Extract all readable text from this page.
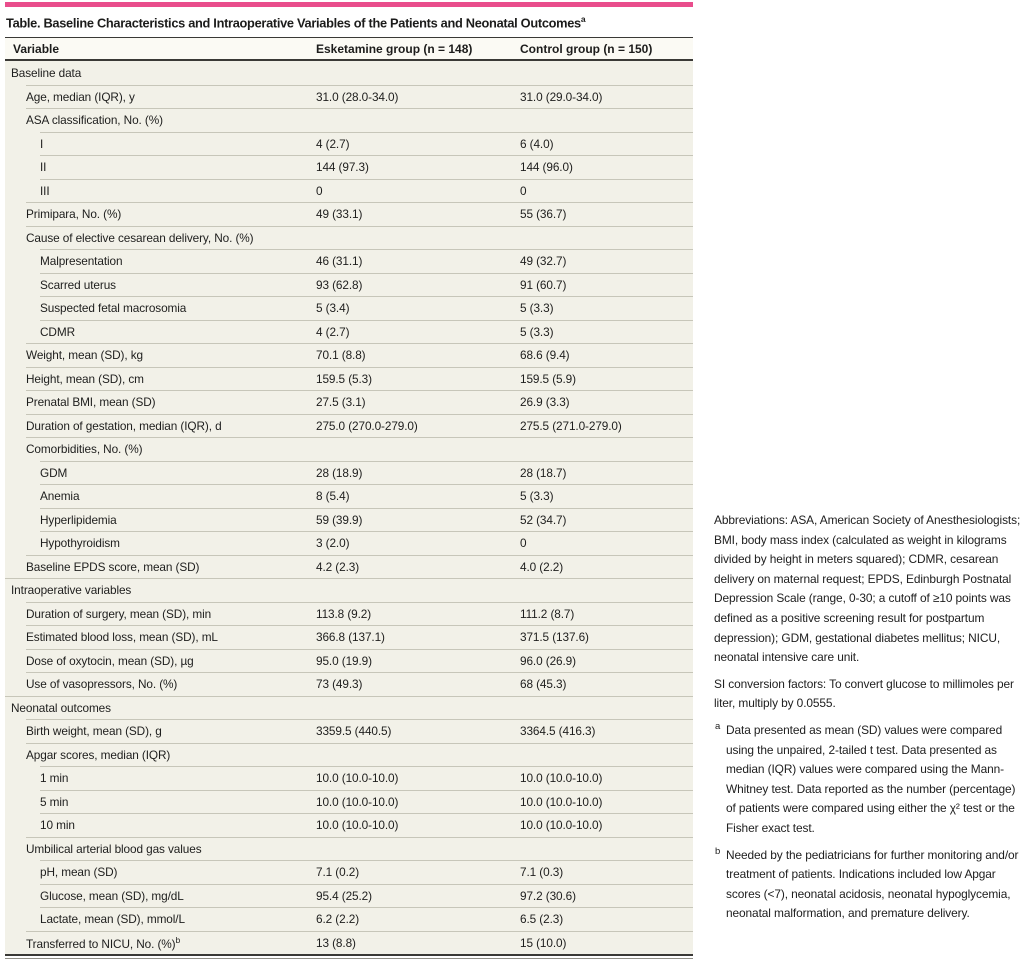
Table. Baseline Characteristics and Intraoperative Variables of the Patients and Neonatal Outcomes$^a$
Variable	Esketamine group (n = 148)	Control group (n = 150)
Baseline data
Age, median (IQR), y	31.0 (28.0-34.0)	31.0 (29.0-34.0)
ASA classification, No. (%)
I	4 (2.7)	6 (4.0)
II	144 (97.3)	144 (96.0)
III	0	0
Primipara, No. (%)	49 (33.1)	55 (36.7)
Cause of elective cesarean delivery, No. (%)
Malpresentation	46 (31.1)	49 (32.7)
Scarred uterus	93 (62.8)	91 (60.7)
Suspected fetal macrosomia	5 (3.4)	5 (3.3)
CDMR	4 (2.7)	5 (3.3)
Weight, mean (SD), kg	70.1 (8.8)	68.6 (9.4)
Height, mean (SD), cm	159.5 (5.3)	159.5 (5.9)
Prenatal BMI, mean (SD)	27.5 (3.1)	26.9 (3.3)
Duration of gestation, median (IQR), d	275.0 (270.0-279.0)	275.5 (271.0-279.0)
Comorbidities, No. (%)
GDM	28 (18.9)	28 (18.7)
Anemia	8 (5.4)	5 (3.3)
Hyperlipidemia	59 (39.9)	52 (34.7)
Hypothyroidism	3 (2.0)	0
Baseline EPDS score, mean (SD)	4.2 (2.3)	4.0 (2.2)
Intraoperative variables
Duration of surgery, mean (SD), min	113.8 (9.2)	111.2 (8.7)
Estimated blood loss, mean (SD), mL	366.8 (137.1)	371.5 (137.6)
Dose of oxytocin, mean (SD), µg	95.0 (19.9)	96.0 (26.9)
Use of vasopressors, No. (%)	73 (49.3)	68 (45.3)
Neonatal outcomes
Birth weight, mean (SD), g	3359.5 (440.5)	3364.5 (416.3)
Apgar scores, median (IQR)
1 min	10.0 (10.0-10.0)	10.0 (10.0-10.0)
5 min	10.0 (10.0-10.0)	10.0 (10.0-10.0)
10 min	10.0 (10.0-10.0)	10.0 (10.0-10.0)
Umbilical arterial blood gas values
pH, mean (SD)	7.1 (0.2)	7.1 (0.3)
Glucose, mean (SD), mg/dL	95.4 (25.2)	97.2 (30.6)
Lactate, mean (SD), mmol/L	6.2 (2.2)	6.5 (2.3)
Transferred to NICU, No. (%)$^b$	13 (8.8)	15 (10.0)

Abbreviations: ASA, American Society of Anesthesiologists; BMI, body mass index (calculated as weight in kilograms divided by height in meters squared); CDMR, cesarean delivery on maternal request; EPDS, Edinburgh Postnatal Depression Scale (range, 0-30; a cutoff of ≥10 points was defined as a positive screening result for postpartum depression); GDM, gestational diabetes mellitus; NICU, neonatal intensive care unit.

SI conversion factors: To convert glucose to millimoles per liter, multiply by 0.0555.

a Data presented as mean (SD) values were compared using the unpaired, 2-tailed t test. Data presented as median (IQR) values were compared using the Mann-Whitney test. Data reported as the number (percentage) of patients were compared using either the χ² test or the Fisher exact test.
b Needed by the pediatricians for further monitoring and/or treatment of patients. Indications included low Apgar scores (<7), neonatal acidosis, neonatal hypoglycemia, neonatal malformation, and premature delivery.
